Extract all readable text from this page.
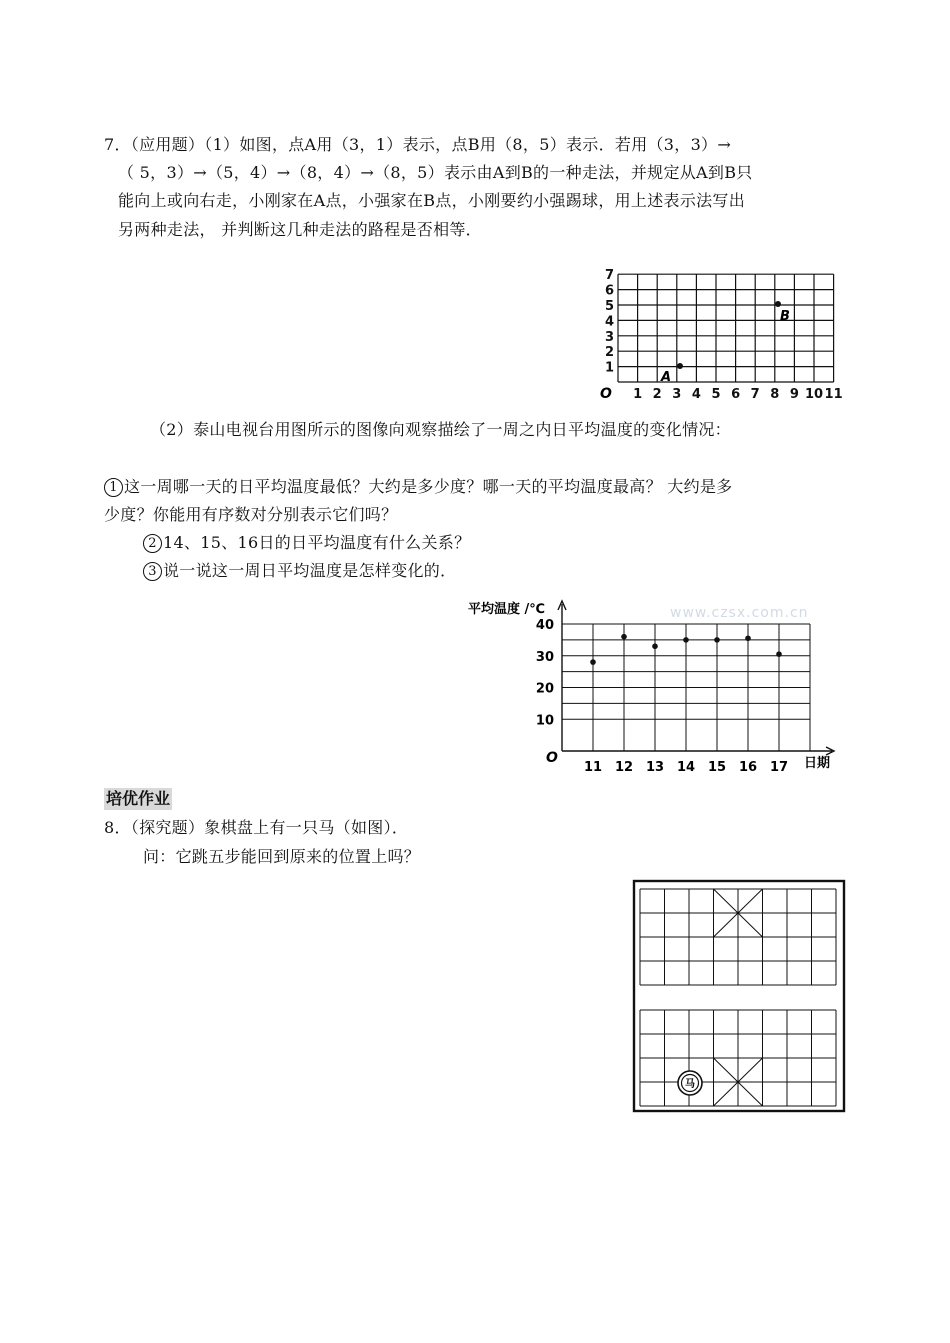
7．（应用题）（1）如图，点A用（3，1）表示，点B用（8，5）表示．若用（3，3）→
（ 5，3）→（5，4）→（8，4）→（8，5）表示由A到B的一种走法，并规定从A到B只
能向上或向右走，小刚家在A点，小强家在B点，小刚要约小强踢球，用上述表示法写出
另两种走法， 并判断这几种走法的路程是否相等．
1 2 3 4 5 6 7 8 9 10 11
1
2
3
4
5
6
7
O
A
B
（2）泰山电视台用图所示的图像向观察描绘了一周之内日平均温度的变化情况：
1 这一周哪一天的日平均温度最低？大约是多少度？哪一天的平均温度最高？ 大约是多
少度？你能用有序数对分别表示它们吗？
2 14、15、16日的日平均温度有什么关系？
3 说一说这一周日平均温度是怎样变化的．
平均温度 /℃	www.czsx.com.cn
10
20
30
40
11 12 13 14 15 16 17
O	日期
培优作业
8．（探究题）象棋盘上有一只马（如图）．
问：它跳五步能回到原来的位置上吗？
马
